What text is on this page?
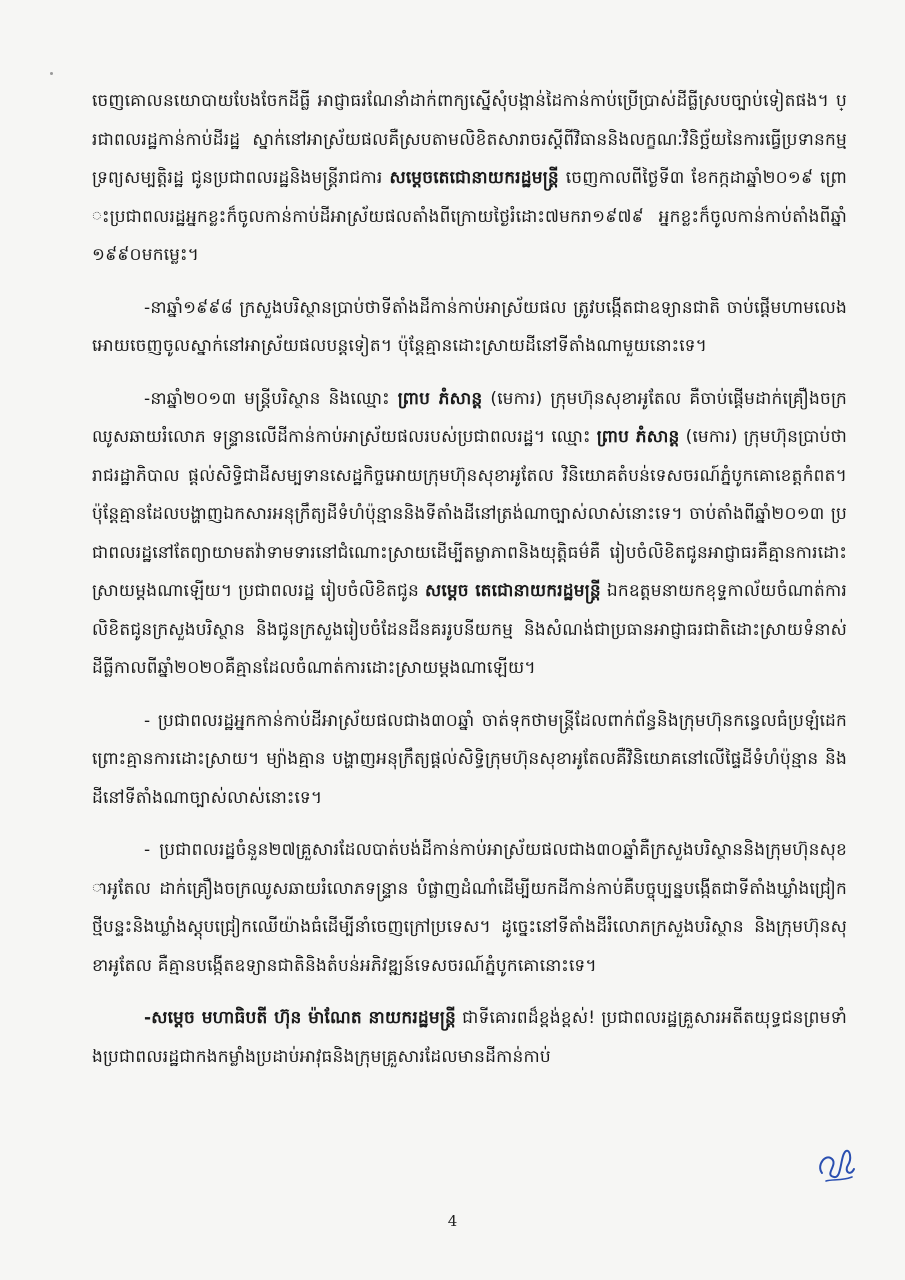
ចេញគោលនយោបាយបែងចែកដីធ្លី អាជ្ញាធរណែនាំដាក់ពាក្យស្នើសុំបង្កាន់ដៃកាន់កាប់ប្រើប្រាស់ដីធ្លីស្របច្បាប់ទៀតផង។ ប្រជាពលរដ្ឋកាន់កាប់ដីរដ្ឋ ស្នាក់នៅអាស្រ័យផលគឺស្របតាមលិខិតសារាចរស្តីពីវិធាននិងលក្ខណៈវិនិច្ឆ័យនៃការធ្វើប្រទានកម្មទ្រព្យសម្បត្តិរដ្ឋ ជូនប្រជាពលរដ្ឋនិងមន្ត្រីរាជការ សម្តេចតេជោនាយករដ្ឋមន្ត្រី ចេញកាលពីថ្ងៃទី៣ ខែកក្កដាឆ្នាំ២០១៩ ព្រោះប្រជាពលរដ្ឋអ្នកខ្លះក៏ចូលកាន់កាប់ដីអាស្រ័យផលតាំងពីក្រោយថ្ងៃរំដោះ៧មករា១៩៧៩ អ្នកខ្លះក៏ចូលកាន់កាប់តាំងពីឆ្នាំ១៩៩០មកម្លេះ។

-នាឆ្នាំ១៩៩៨ ក្រសួងបរិស្ថានប្រាប់ថាទីតាំងដីកាន់កាប់អាស្រ័យផល ត្រូវបង្កើតជាឧទ្យានជាតិ ចាប់ផ្តើមហាមលេងអោយចេញចូលស្នាក់នៅអាស្រ័យផលបន្តទៀត។ ប៉ុន្តែគ្មានដោះស្រាយដីនៅទីតាំងណាមួយនោះទេ។

-នាឆ្នាំ២០១៣ មន្ត្រីបរិស្ថាន និងឈ្មោះ ព្រាប ភំសាន្ត (មេការ) ក្រុមហ៊ុនសុខាអូតែល គឺចាប់ផ្តើមដាក់គ្រឿងចក្រឈូសឆាយរំលោភ ទន្ទ្រានលើដីកាន់កាប់អាស្រ័យផលរបស់ប្រជាពលរដ្ឋ។ ឈ្មោះ ព្រាប ភំសាន្ត (មេការ) ក្រុមហ៊ុនប្រាប់ថា រាជរដ្ឋាភិបាល ផ្តល់សិទ្ធិជាដីសម្បទានសេដ្ឋកិច្ចអោយក្រុមហ៊ុនសុខាអូតែល វិនិយោគតំបន់ទេសចរណ៍ភ្នំបូកគោខេត្តកំពត។ ប៉ុន្តែគ្មានដែលបង្ហាញឯកសារអនុក្រឹត្យដីទំហំប៉ុន្មាននិងទីតាំងដីនៅត្រង់ណាច្បាស់លាស់នោះទេ។ ចាប់តាំងពីឆ្នាំ២០១៣ ប្រជាពលរដ្ឋនៅតែព្យាយាមតវ៉ាទាមទារនៅជំណោះស្រាយដើម្បីតម្លាភាពនិងយុត្តិធម៌គឺ រៀបចំលិខិតជូនអាជ្ញាធរគឺគ្មានការដោះស្រាយម្តងណាឡើយ។ ប្រជាពលរដ្ឋ រៀបចំលិខិតជូន សម្តេច តេជោនាយករដ្ឋមន្ត្រី ឯកឧត្តមនាយកខុទ្ទកាល័យចំណាត់ការលិខិតជូនក្រសួងបរិស្ថាន និងជូនក្រសួងរៀបចំដែនដីនគររូបនីយកម្ម និងសំណង់ជាប្រធានអាជ្ញាធរជាតិដោះស្រាយទំនាស់ដីធ្លីកាលពីឆ្នាំ២០២០គឺគ្មានដែលចំណាត់ការដោះស្រាយម្តងណាឡើយ។

- ប្រជាពលរដ្ឋអ្នកកាន់កាប់ដីអាស្រ័យផលជាង៣០ឆ្នាំ ចាត់ទុកថាមន្ត្រីដែលពាក់ព័ន្ធនិងក្រុមហ៊ុនកន្ធេលធំប្រឡំដេក ព្រោះគ្មានការដោះស្រាយ។ ម្យ៉ាងគ្មាន បង្ហាញអនុក្រឹត្យផ្តល់សិទ្ធិក្រុមហ៊ុនសុខាអូតែលគឺវិនិយោគនៅលើផ្ទៃដីទំហំប៉ុន្មាន និងដីនៅទីតាំងណាច្បាស់លាស់នោះទេ។

- ប្រជាពលរដ្ឋចំនួន២៧គ្រួសារដែលបាត់បង់ដីកាន់កាប់អាស្រ័យផលជាង៣០ឆ្នាំគឺក្រសួងបរិស្ថាននិងក្រុមហ៊ុនសុខាអូតែល ដាក់គ្រឿងចក្រឈូសឆាយរំលោភទន្ទ្រាន បំផ្លាញដំណាំដើម្បីយកដីកាន់កាប់គឺបច្ចុប្បន្នបង្កើតជាទីតាំងឃ្លាំងជ្រៀកថ្មីបន្ទះនិងឃ្លាំងស្តុបជ្រៀកឈើយ៉ាងធំដើម្បីនាំចេញក្រៅប្រទេស។ ដូច្នេះនៅទីតាំងដីរំលោភក្រសួងបរិស្ថាន និងក្រុមហ៊ុនសុខាអូតែល គឺគ្មានបង្កើតឧទ្យានជាតិនិងតំបន់អភិវឌ្ឍន៍ទេសចរណ៍ភ្នំបូកគោនោះទេ។

-សម្តេច មហាធិបតី ហ៊ុន ម៉ាណែត នាយករដ្ឋមន្ត្រី ជាទីគោរពដ៏ខ្ពង់ខ្ពស់! ប្រជាពលរដ្ឋគ្រួសារអតីតយុទ្ធជនព្រមទាំងប្រជាពលរដ្ឋជាកងកម្លាំងប្រដាប់អាវុធនិងក្រុមគ្រួសារដែលមានដីកាន់កាប់

4
